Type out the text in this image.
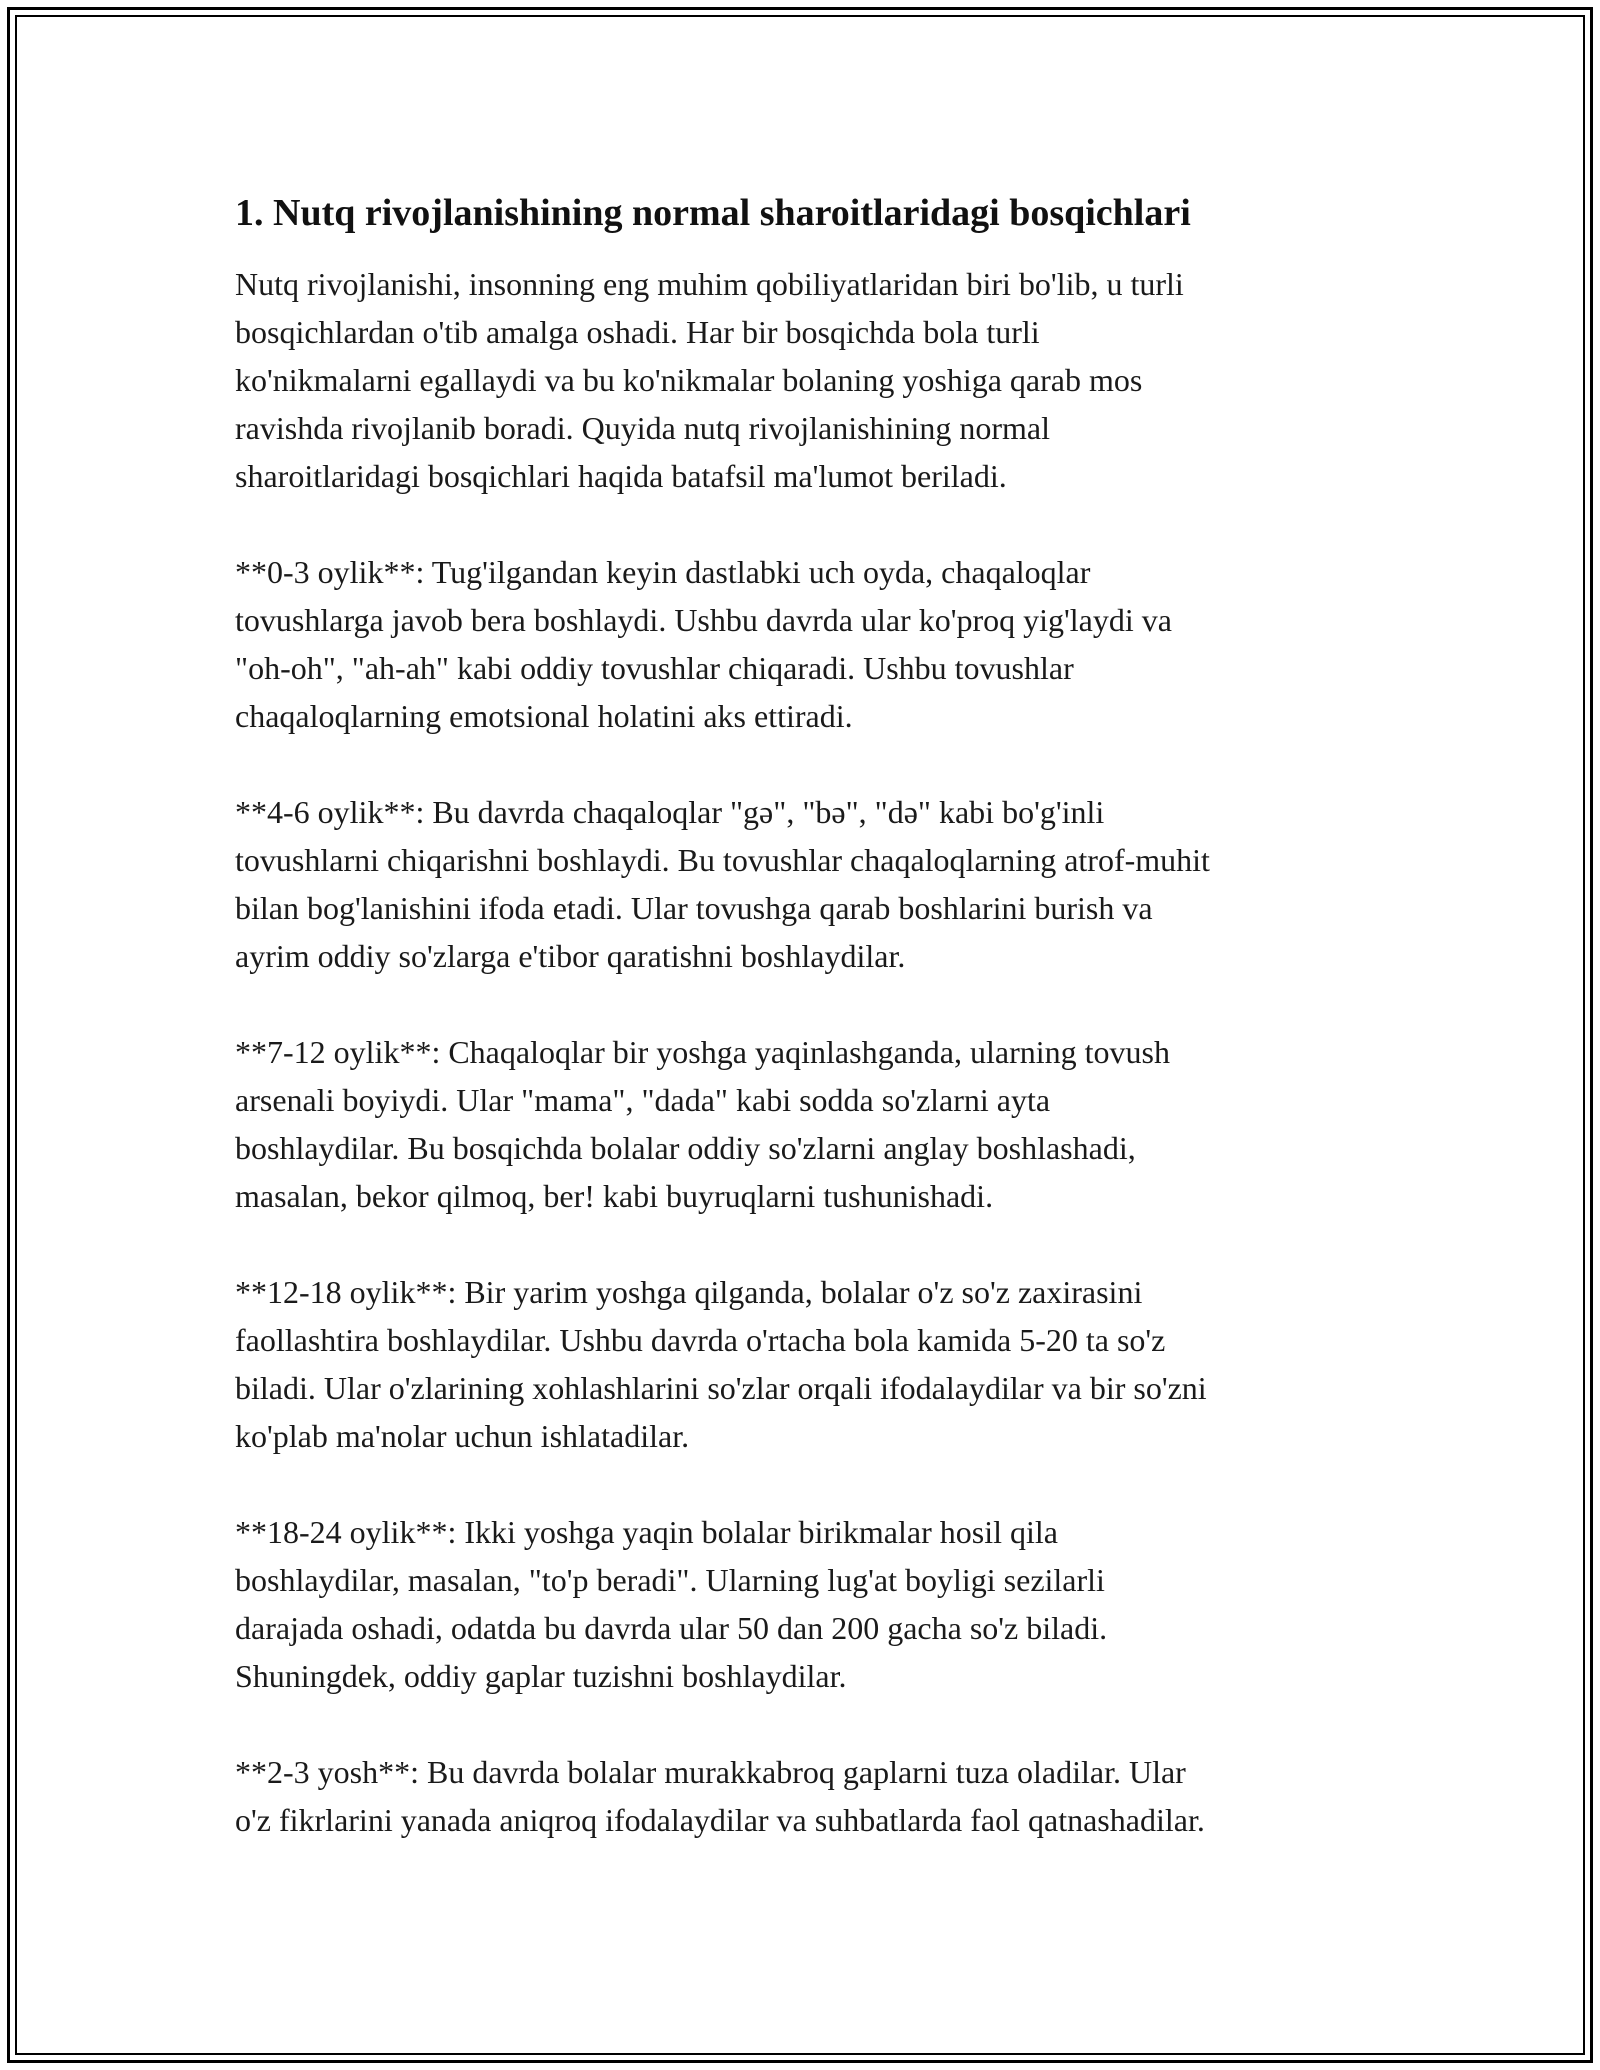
1. Nutq rivojlanishining normal sharoitlaridagi bosqichlari

Nutq rivojlanishi, insonning eng muhim qobiliyatlaridan biri bo'lib, u turli
bosqichlardan o'tib amalga oshadi. Har bir bosqichda bola turli
ko'nikmalarni egallaydi va bu ko'nikmalar bolaning yoshiga qarab mos
ravishda rivojlanib boradi. Quyida nutq rivojlanishining normal
sharoitlaridagi bosqichlari haqida batafsil ma'lumot beriladi.

**0-3 oylik**: Tug'ilgandan keyin dastlabki uch oyda, chaqaloqlar
tovushlarga javob bera boshlaydi. Ushbu davrda ular ko'proq yig'laydi va
"oh-oh", "ah-ah" kabi oddiy tovushlar chiqaradi. Ushbu tovushlar
chaqaloqlarning emotsional holatini aks ettiradi.

**4-6 oylik**: Bu davrda chaqaloqlar "gə", "bə", "də" kabi bo'g'inli
tovushlarni chiqarishni boshlaydi. Bu tovushlar chaqaloqlarning atrof-muhit
bilan bog'lanishini ifoda etadi. Ular tovushga qarab boshlarini burish va
ayrim oddiy so'zlarga e'tibor qaratishni boshlaydilar.

**7-12 oylik**: Chaqaloqlar bir yoshga yaqinlashganda, ularning tovush
arsenali boyiydi. Ular "mama", "dada" kabi sodda so'zlarni ayta
boshlaydilar. Bu bosqichda bolalar oddiy so'zlarni anglay boshlashadi,
masalan, bekor qilmoq, ber! kabi buyruqlarni tushunishadi.

**12-18 oylik**: Bir yarim yoshga qilganda, bolalar o'z so'z zaxirasini
faollashtira boshlaydilar. Ushbu davrda o'rtacha bola kamida 5-20 ta so'z
biladi. Ular o'zlarining xohlashlarini so'zlar orqali ifodalaydilar va bir so'zni
ko'plab ma'nolar uchun ishlatadilar.

**18-24 oylik**: Ikki yoshga yaqin bolalar birikmalar hosil qila
boshlaydilar, masalan, "to'p beradi". Ularning lug'at boyligi sezilarli
darajada oshadi, odatda bu davrda ular 50 dan 200 gacha so'z biladi.
Shuningdek, oddiy gaplar tuzishni boshlaydilar.

**2-3 yosh**: Bu davrda bolalar murakkabroq gaplarni tuza oladilar. Ular
o'z fikrlarini yanada aniqroq ifodalaydilar va suhbatlarda faol qatnashadilar.
